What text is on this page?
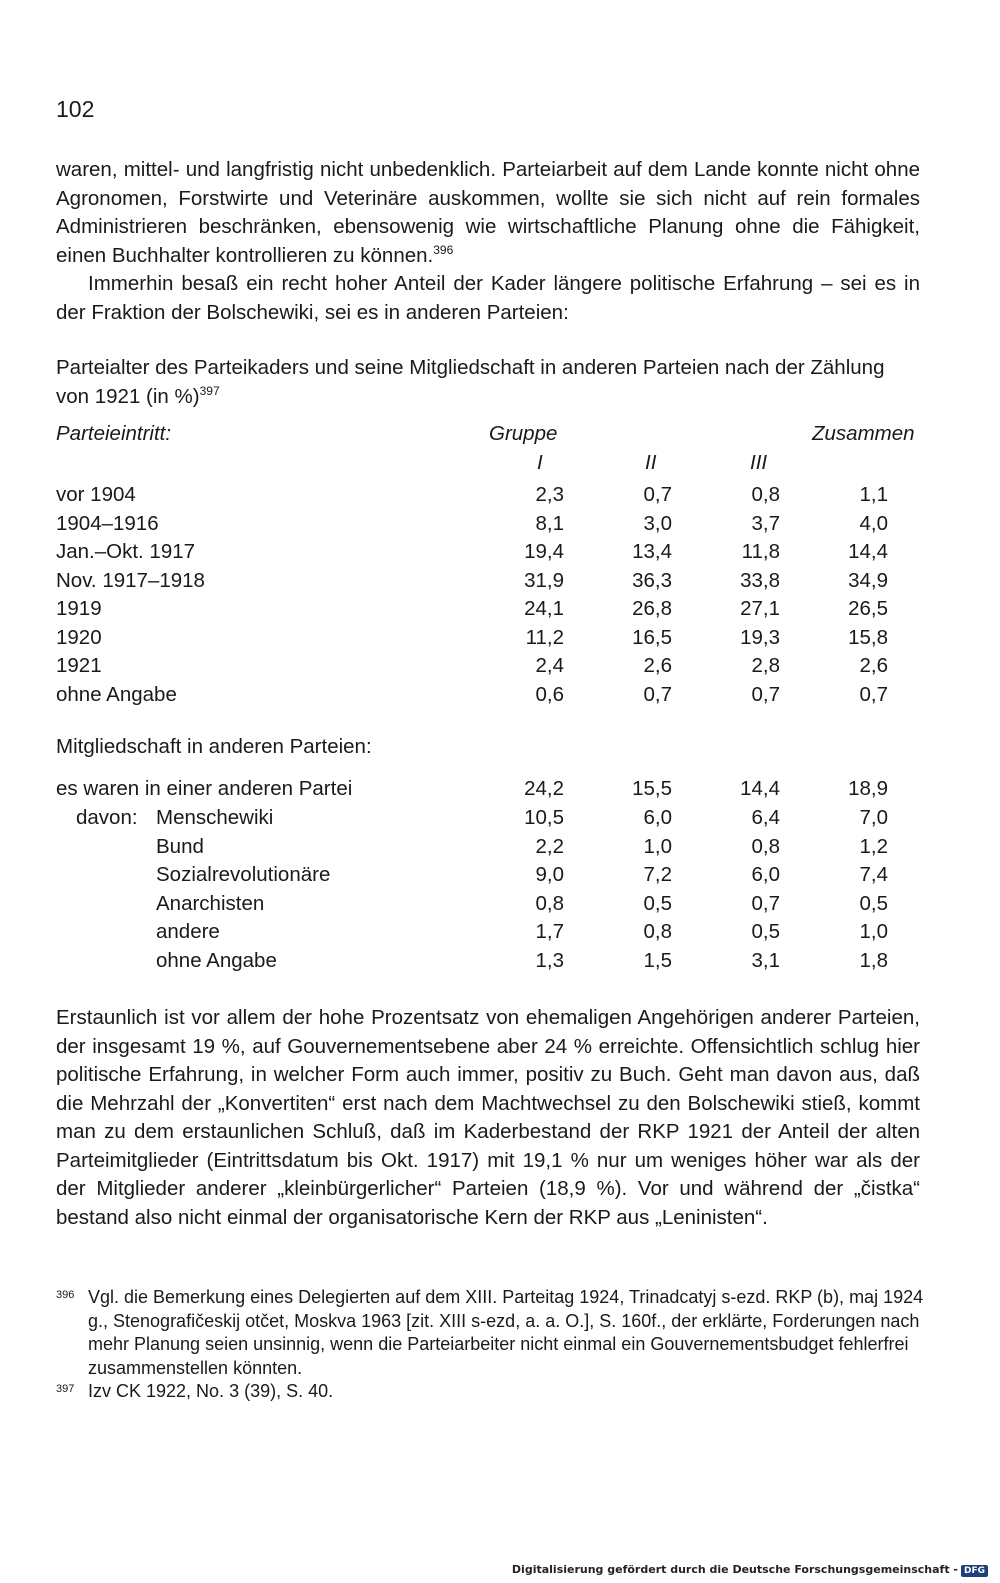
102

waren, mittel- und langfristig nicht unbedenklich. Parteiarbeit auf dem Lande konnte nicht ohne Agronomen, Forstwirte und Veterinäre auskommen, wollte sie sich nicht auf rein formales Administrieren beschränken, ebensowenig wie wirtschaftliche Planung ohne die Fähigkeit, einen Buchhalter kontrollieren zu können.$^{396}$

Immerhin besaß ein recht hoher Anteil der Kader längere politische Erfahrung – sei es in der Fraktion der Bolschewiki, sei es in anderen Parteien:

Parteialter des Parteikaders und seine Mitgliedschaft in anderen Parteien nach der Zählung von 1921 (in %)$^{397}$

Parteieintritt:	Gruppe	Zusammen
I	II	III
vor 1904	2,3	0,7	0,8	1,1
1904–1916	8,1	3,0	3,7	4,0
Jan.–Okt. 1917	19,4	13,4	11,8	14,4
Nov. 1917–1918	31,9	36,3	33,8	34,9
1919	24,1	26,8	27,1	26,5
1920	11,2	16,5	19,3	15,8
1921	2,4	2,6	2,8	2,6
ohne Angabe	0,6	0,7	0,7	0,7
Mitgliedschaft in anderen Parteien:
es waren in einer anderen Partei	24,2	15,5	14,4	18,9
davon: Menschewiki	10,5	6,0	6,4	7,0
Bund	2,2	1,0	0,8	1,2
Sozialrevolutionäre	9,0	7,2	6,0	7,4
Anarchisten	0,8	0,5	0,7	0,5
andere	1,7	0,8	0,5	1,0
ohne Angabe	1,3	1,5	3,1	1,8

Erstaunlich ist vor allem der hohe Prozentsatz von ehemaligen Angehörigen anderer Parteien, der insgesamt 19 %, auf Gouvernementsebene aber 24 % erreichte. Offensichtlich schlug hier politische Erfahrung, in welcher Form auch immer, positiv zu Buch. Geht man davon aus, daß die Mehrzahl der „Konvertiten“ erst nach dem Machtwechsel zu den Bolschewiki stieß, kommt man zu dem erstaunlichen Schluß, daß im Kaderbestand der RKP 1921 der Anteil der alten Parteimitglieder (Eintrittsdatum bis Okt. 1917) mit 19,1 % nur um weniges höher war als der der Mitglieder anderer „kleinbürgerlicher“ Parteien (18,9 %). Vor und während der „čistka“ bestand also nicht einmal der organisatorische Kern der RKP aus „Leninisten“.

396 Vgl. die Bemerkung eines Delegierten auf dem XIII. Parteitag 1924, Trinadcatyj s-ezd. RKP (b), maj 1924 g., Stenografičeskij otčet, Moskva 1963 [zit. XIII s-ezd, a. a. O.], S. 160f., der erklärte, Forderungen nach mehr Planung seien unsinnig, wenn die Parteiarbeiter nicht einmal ein Gouvernementsbudget fehlerfrei zusammenstellen könnten.
397 Izv CK 1922, No. 3 (39), S. 40.
Digitalisierung gefördert durch die Deutsche Forschungsgemeinschaft - DFG
